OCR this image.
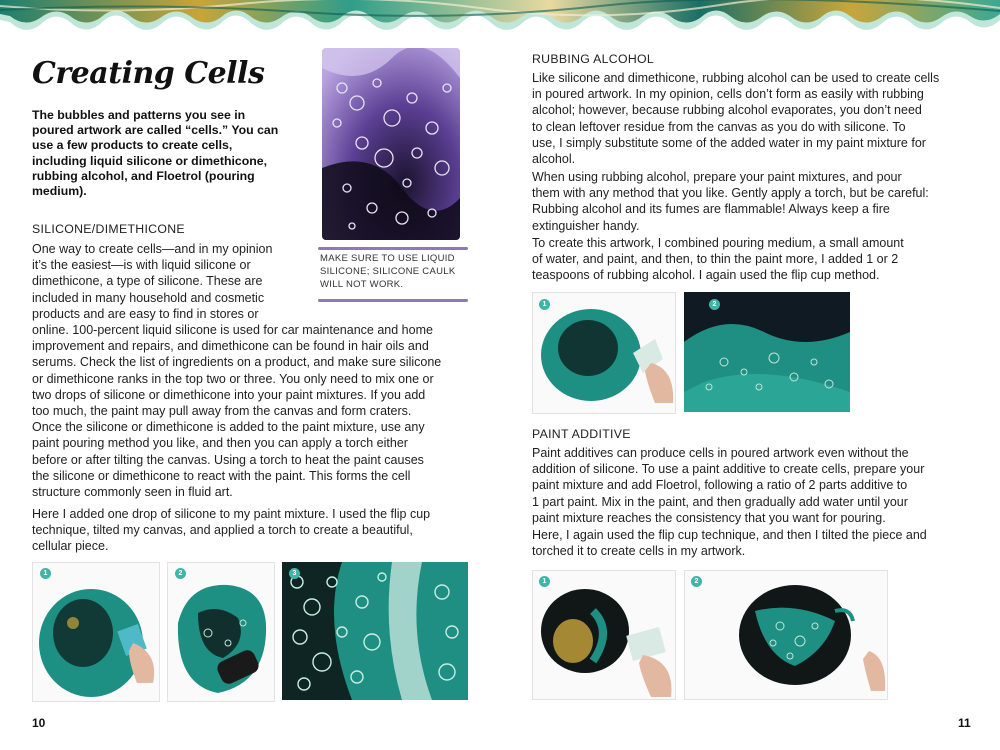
Creating Cells
The bubbles and patterns you see in poured artwork are called “cells.” You can use a few products to create cells, including liquid silicone or dimethicone, rubbing alcohol, and Floetrol (pouring medium).
MAKE SURE TO USE LIQUID SILICONE; SILICONE CAULK WILL NOT WORK.
SILICONE/DIMETHICONE

One way to create cells—and in my opinion

it’s the easiest—is with liquid silicone or

dimethicone, a type of silicone. These are

included in many household and cosmetic

products and are easy to find in stores or

online. 100-percent liquid silicone is used for car maintenance and home

improvement and repairs, and dimethicone can be found in hair oils and

serums. Check the list of ingredients on a product, and make sure silicone

or dimethicone ranks in the top two or three. You only need to mix one or

two drops of silicone or dimethicone into your paint mixtures. If you add

too much, the paint may pull away from the canvas and form craters.

Once the silicone or dimethicone is added to the paint mixture, use any

paint pouring method you like, and then you can apply a torch either

before or after tilting the canvas. Using a torch to heat the paint causes

the silicone or dimethicone to react with the paint. This forms the cell

structure commonly seen in fluid art.

Here I added one drop of silicone to my paint mixture. I used the flip cup

technique, tilted my canvas, and applied a torch to create a beautiful,

cellular piece.

1	2	3
10
RUBBING ALCOHOL

Like silicone and dimethicone, rubbing alcohol can be used to create cells

in poured artwork. In my opinion, cells don’t form as easily with rubbing

alcohol; however, because rubbing alcohol evaporates, you don’t need

to clean leftover residue from the canvas as you do with silicone. To

use, I simply substitute some of the added water in my paint mixture for

alcohol.

When using rubbing alcohol, prepare your paint mixtures, and pour

them with any method that you like. Gently apply a torch, but be careful:

Rubbing alcohol and its fumes are flammable! Always keep a fire

extinguisher handy.

To create this artwork, I combined pouring medium, a small amount

of water, and paint, and then, to thin the paint more, I added 1 or 2

teaspoons of rubbing alcohol. I again used the flip cup method.

1	2
PAINT ADDITIVE

Paint additives can produce cells in poured artwork even without the

addition of silicone. To use a paint additive to create cells, prepare your

paint mixture and add Floetrol, following a ratio of 2 parts additive to

1 part paint. Mix in the paint, and then gradually add water until your

paint mixture reaches the consistency that you want for pouring.

Here, I again used the flip cup technique, and then I tilted the piece and

torched it to create cells in my artwork.

1	2
11
